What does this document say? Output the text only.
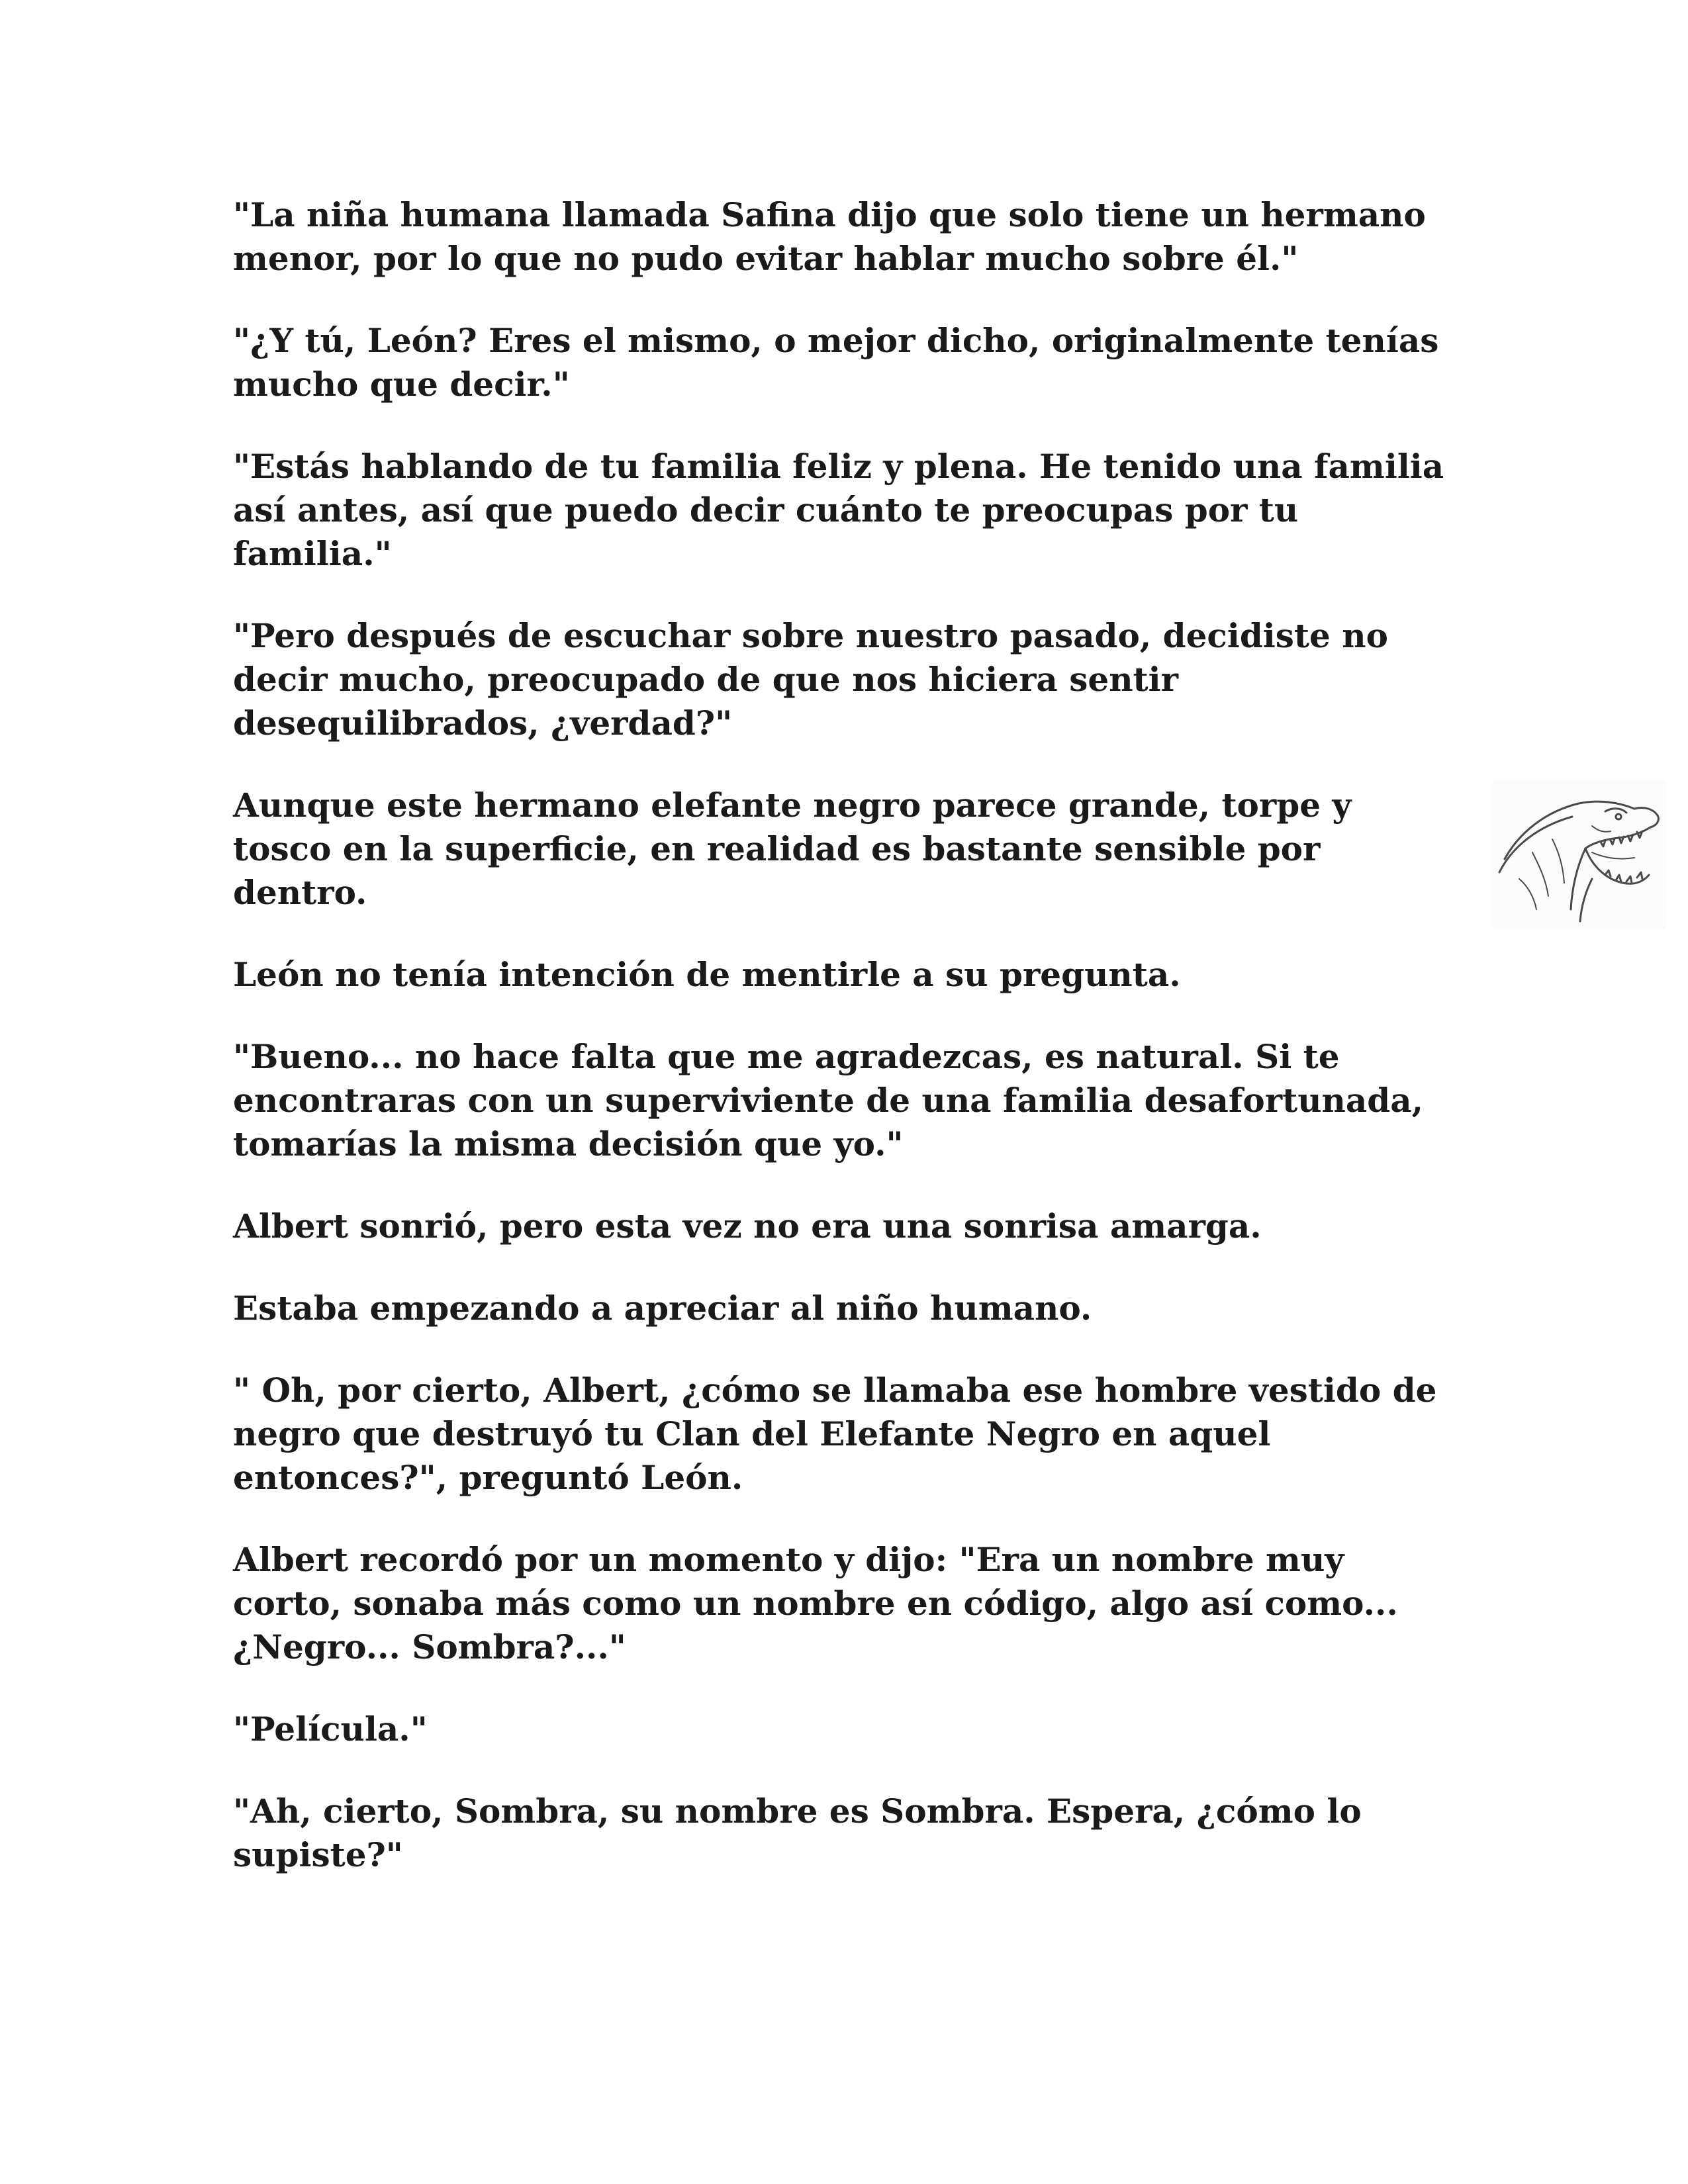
"La niña humana llamada Safina dijo que solo tiene un hermano menor, por lo que no pudo evitar hablar mucho sobre él."

"¿Y tú, León? Eres el mismo, o mejor dicho, originalmente tenías mucho que decir."

"Estás hablando de tu familia feliz y plena. He tenido una familia así antes, así que puedo decir cuánto te preocupas por tu familia."

"Pero después de escuchar sobre nuestro pasado, decidiste no decir mucho, preocupado de que nos hiciera sentir desequilibrados, ¿verdad?"

Aunque este hermano elefante negro parece grande, torpe y tosco en la superficie, en realidad es bastante sensible por dentro.

León no tenía intención de mentirle a su pregunta.

"Bueno... no hace falta que me agradezcas, es natural. Si te encontraras con un superviviente de una familia desafortunada, tomarías la misma decisión que yo."

Albert sonrió, pero esta vez no era una sonrisa amarga.

Estaba empezando a apreciar al niño humano.

" Oh, por cierto, Albert, ¿cómo se llamaba ese hombre vestido de negro que destruyó tu Clan del Elefante Negro en aquel entonces?", preguntó León.

Albert recordó por un momento y dijo: "Era un nombre muy corto, sonaba más como un nombre en código, algo así como... ¿Negro... Sombra?..."

"Película."

"Ah, cierto, Sombra, su nombre es Sombra. Espera, ¿cómo lo supiste?"
